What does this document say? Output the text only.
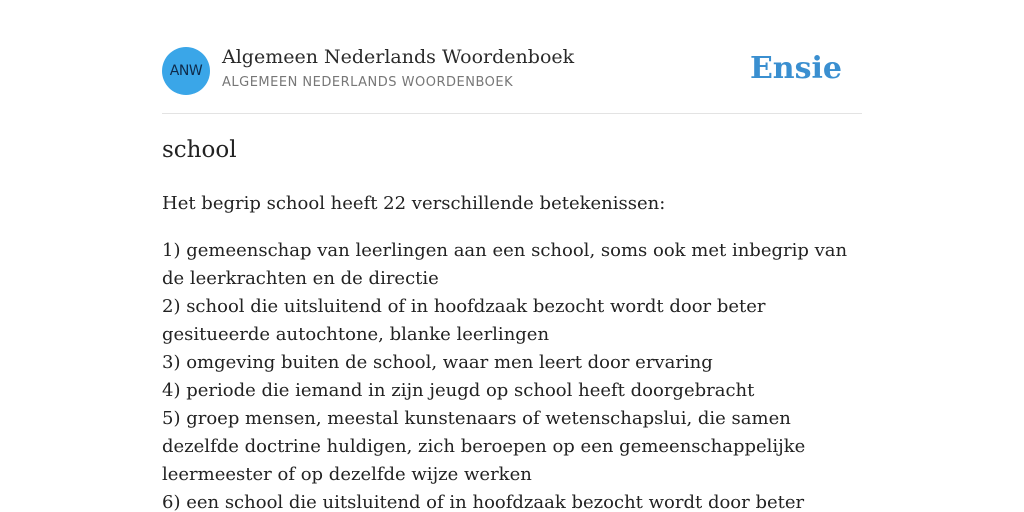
ANW
Algemeen Nederlands Woordenboek
ALGEMEEN NEDERLANDS WOORDENBOEK	Ensie
school

Het begrip school heeft 22 verschillende betekenissen:

1) gemeenschap van leerlingen aan een school, soms ook met inbegrip van de leerkrachten en de directie
2) school die uitsluitend of in hoofdzaak bezocht wordt door beter gesitueerde autochtone, blanke leerlingen
3) omgeving buiten de school, waar men leert door ervaring
4) periode die iemand in zijn jeugd op school heeft doorgebracht
5) groep mensen, meestal kunstenaars of wetenschapslui, die samen dezelfde doctrine huldigen, zich beroepen op een gemeenschappelijke leermeester of op dezelfde wijze werken
6) een school die uitsluitend of in hoofdzaak bezocht wordt door beter
